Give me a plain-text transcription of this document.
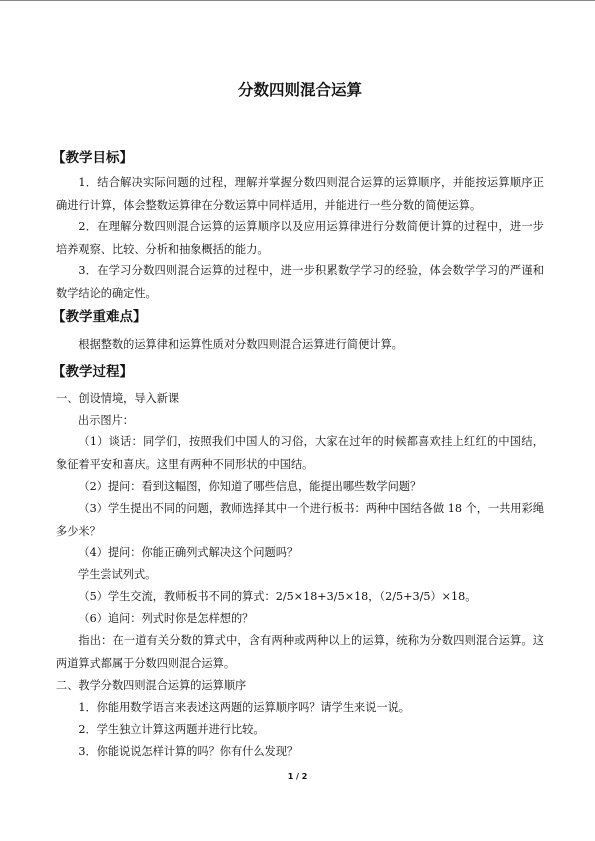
分数四则混合运算
【教学目标】
1．结合解决实际问题的过程，理解并掌握分数四则混合运算的运算顺序，并能按运算顺序正确进行计算，体会整数运算律在分数运算中同样适用，并能进行一些分数的简便运算。
2．在理解分数四则混合运算的运算顺序以及应用运算律进行分数简便计算的过程中，进一步培养观察、比较、分析和抽象概括的能力。
3．在学习分数四则混合运算的过程中，进一步积累数学学习的经验，体会数学学习的严谨和数学结论的确定性。
【教学重难点】
根据整数的运算律和运算性质对分数四则混合运算进行简便计算。
【教学过程】
一、创设情境，导入新课
出示图片：
（1）谈话：同学们，按照我们中国人的习俗，大家在过年的时候都喜欢挂上红红的中国结，象征着平安和喜庆。这里有两种不同形状的中国结。
（2）提问：看到这幅图，你知道了哪些信息，能提出哪些数学问题？
（3）学生提出不同的问题，教师选择其中一个进行板书：两种中国结各做 18 个，一共用彩绳多少米？
（4）提问：你能正确列式解决这个问题吗？
学生尝试列式。
（5）学生交流，教师板书不同的算式：2/5×18+3/5×18，（2/5+3/5）×18。
（6）追问：列式时你是怎样想的？
指出：在一道有关分数的算式中，含有两种或两种以上的运算，统称为分数四则混合运算。这两道算式都属于分数四则混合运算。
二、教学分数四则混合运算的运算顺序
1．你能用数学语言来表述这两题的运算顺序吗？请学生来说一说。
2．学生独立计算这两题并进行比较。
3．你能说说怎样计算的吗？你有什么发现？
1 / 2
